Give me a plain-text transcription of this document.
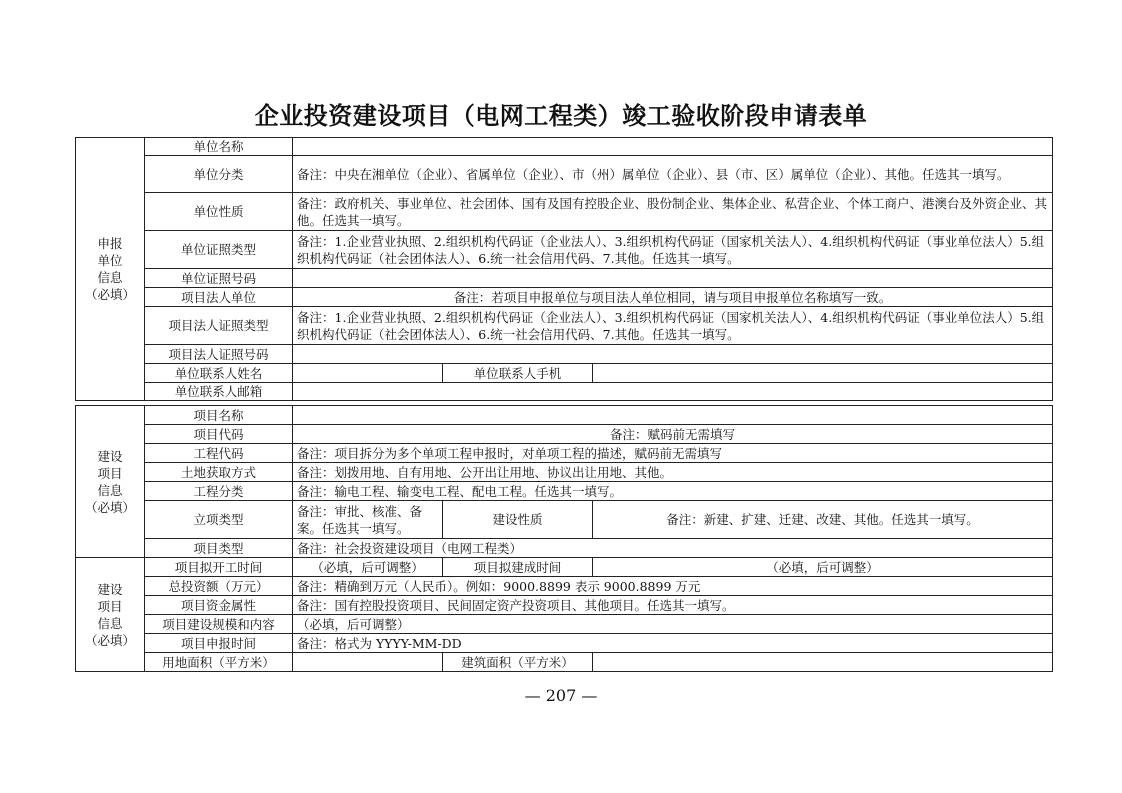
企业投资建设项目（电网工程类）竣工验收阶段申请表单
申报
单位
信息
（必填）	单位名称			
	单位分类	备注：中央在湘单位（企业）、省属单位（企业）、市（州）属单位（企业）、县（市、区）属单位（企业）、其他。任选其一填写。		
	单位性质	备注：政府机关、事业单位、社会团体、国有及国有控股企业、股份制企业、集体企业、私营企业、个体工商户、港澳台及外资企业、其他。任选其一填写。		
	单位证照类型	备注：1.企业营业执照、2.组织机构代码证（企业法人）、3.组织机构代码证（国家机关法人）、4.组织机构代码证（事业单位法人）5.组织机构代码证（社会团体法人）、6.统一社会信用代码、7.其他。任选其一填写。		
	单位证照号码			
	项目法人单位	备注：若项目申报单位与项目法人单位相同，请与项目申报单位名称填写一致。		
	项目法人证照类型	备注：1.企业营业执照、2.组织机构代码证（企业法人）、3.组织机构代码证（国家机关法人）、4.组织机构代码证（事业单位法人）5.组织机构代码证（社会团体法人）、6.统一社会信用代码、7.其他。任选其一填写。		
	项目法人证照号码			
	单位联系人姓名		单位联系人手机	
	单位联系人邮箱			
建设
项目
信息
（必填）	项目名称			
	项目代码	备注：赋码前无需填写		
	工程代码	备注：项目拆分为多个单项工程申报时，对单项工程的描述，赋码前无需填写		
	土地获取方式	备注：划拨用地、自有用地、公开出让用地、协议出让用地、其他。		
	工程分类	备注：输电工程、输变电工程、配电工程。任选其一填写。		
	立项类型	备注：审批、核准、备案。任选其一填写。	建设性质	备注：新建、扩建、迁建、改建、其他。任选其一填写。
	项目类型	备注：社会投资建设项目（电网工程类）		
建设
项目
信息
（必填）	项目拟开工时间	（必填，后可调整）	项目拟建成时间	（必填，后可调整）
	总投资额（万元）	备注：精确到万元（人民币）。例如：9000.8899 表示 9000.8899 万元		
	项目资金属性	备注：国有控股投资项目、民间固定资产投资项目、其他项目。任选其一填写。		
	项目建设规模和内容	（必填，后可调整）		
	项目申报时间	备注：格式为 YYYY-MM-DD		
	用地面积（平方米）		建筑面积（平方米）	
— 207 —
